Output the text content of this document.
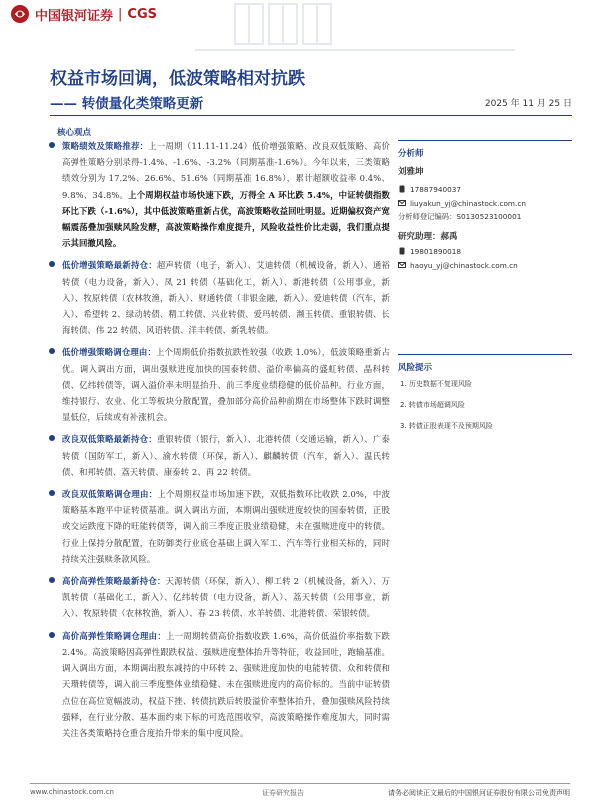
中国银河证券 | CGS
权益市场回调，低波策略相对抗跌
—— 转债量化类策略更新	2025 年 11 月 25 日
核心观点
策略绩效及策略推荐：上一周期（11.11-11.24）低价增强策略、改良双低策略、高价高弹性策略分别录得-1.4%、-1.6%、-3.2%（同期基准-1.6%）。今年以来，三类策略绩效分别为 17.2%、26.6%、51.6%（同期基准 16.8%），累计超额收益率 0.4%、9.8%、34.8%。上个周期权益市场快速下跌，万得全 A 环比跌 5.4%，中证转债指数环比下跌（-1.6%），其中低波策略重新占优，高波策略收益回吐明显。近期偏权资产宽幅震荡叠加强赎风险发酵，高波策略操作难度提升，风险收益性价比走弱，我们重点提示其回撤风险。
低价增强策略最新持仓：超声转债（电子，新入）、艾迪转债（机械设备，新入）、通裕转债（电力设备，新入）、凤 21 转债（基础化工，新入）、新港转债（公用事业，新入）、牧原转债（农林牧渔，新入）、财通转债（非银金融，新入）、爱迪转债（汽车，新入）、希望转 2、绿动转债、精工转债、兴业转债、爱玛转债、濒玉转债、重银转债、长海转债、伟 22 转债、风语转债、洋丰转债、新乳转债。
低价增强策略调仓理由：上个周期低价指数抗跌性较强（收跌 1.0%），低波策略重新占优。调入调出方面，调出强赎进度加快的国泰转债、溢价率偏高的盛虹转债、晶科转债、亿纬转债等，调入溢价率未明显抬升、前三季度业绩稳健的低价品种。行业方面，维持银行、农业、化工等板块分散配置，叠加部分高价品种前期在市场整体下跌时调整显低位，后续或有补涨机会。
改良双低策略最新持仓：重银转债（银行，新入）、北港转债（交通运输，新入）、广泰转债（国防军工，新入）、渝水转债（环保，新入）、麒麟转债（汽车，新入）、温氏转债、和邦转债、荔天转债、康泰转 2、再 22 转债。
改良双低策略调仓理由：上个周期权益市场加速下跌，双低指数环比收跌 2.0%，中波策略基本跑平中证转债基准。调入调出方面，本期调出强赎进度较快的国泰转债，正股或交运跌度下降的旺能转债等，调入前三季度正股业绩稳健，未在强赎进度中的转债。行业上保持分散配置，在防御类行业底仓基础上调入军工、汽车等行业相关标的，同时持续关注强赎条款风险。
高价高弹性策略最新持仓：天源转债（环保，新入）、柳工转 2（机械设备，新入）、万凯转债（基础化工，新入）、亿纬转债（电力设备，新入）、荔天转债（公用事业，新入）、牧原转债（农林牧渔，新入）、春 23 转债、水羊转债、北港转债、荣银转债。
高价高弹性策略调仓理由：上一周期转债高价指数收跌 1.6%，高价低溢价率指数下跌 2.4%。高波策略因高弹性跟跌权益、强赎进度整体抬升等特征，收益回吐，跑输基准。调入调出方面，本期调出股东减持的中环转 2、强赎进度加快的电能转债、众和转债和天瓒转债等，调入前三季度整体业绩稳健、未在强赎进度内的高价标的。当前中证转债点位在高位宽幅波动，权益下挫、转债抗跌后转股溢价率整体抬升，叠加强赎风险持续强释，在行业分散、基本面约束下标的可选范围收窄，高波策略操作难度加大，同时需关注各类策略持仓重合度抬升带来的集中度风险。
分析师
刘雅坤
17887940037
liuyakun_yj@chinastock.com.cn
分析师登记编码：S0130523100001
研究助理：郝禹
19801890018
haoyu_yj@chinastock.com.cn
风险提示
1. 历史数据不复现风险
2. 转债市场超调风险
3. 转债正股表现不及预期风险
www.chinastock.com.cn	证券研究报告	请务必阅读正文最后的中国银河证券股份有限公司免责声明
